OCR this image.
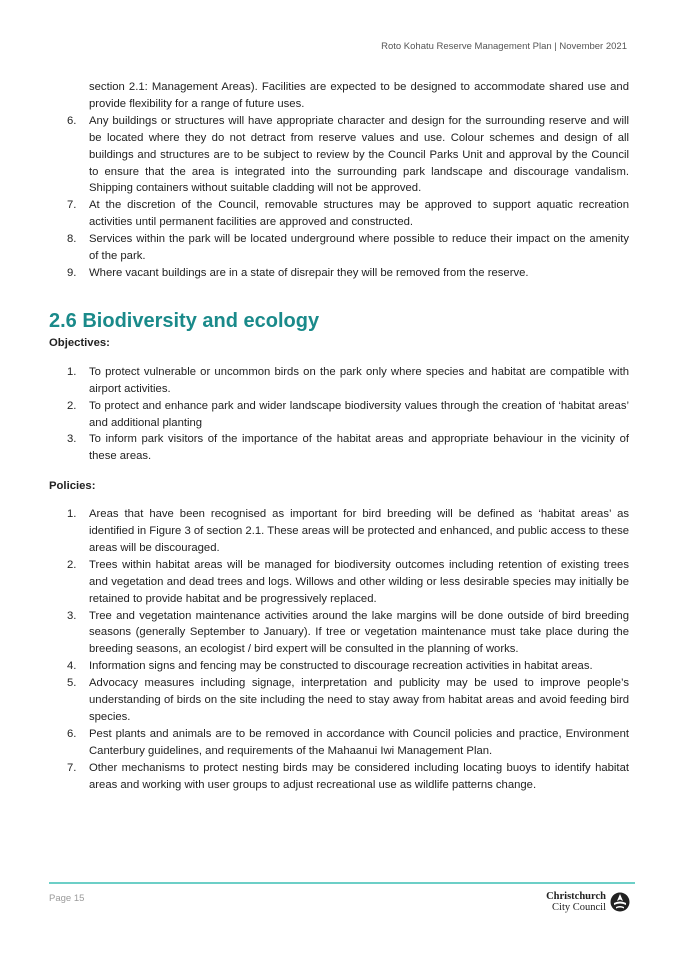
Roto Kohatu Reserve Management Plan | November 2021
section 2.1: Management Areas). Facilities are expected to be designed to accommodate shared use and provide flexibility for a range of future uses.
6.	Any buildings or structures will have appropriate character and design for the surrounding reserve and will be located where they do not detract from reserve values and use. Colour schemes and design of all buildings and structures are to be subject to review by the Council Parks Unit and approval by the Council to ensure that the area is integrated into the surrounding park landscape and discourage vandalism. Shipping containers without suitable cladding will not be approved.
7.	At the discretion of the Council, removable structures may be approved to support aquatic recreation activities until permanent facilities are approved and constructed.
8.	Services within the park will be located underground where possible to reduce their impact on the amenity of the park.
9.	Where vacant buildings are in a state of disrepair they will be removed from the reserve.
2.6 Biodiversity and ecology
Objectives:
1.	To protect vulnerable or uncommon birds on the park only where species and habitat are compatible with airport activities.
2.	To protect and enhance park and wider landscape biodiversity values through the creation of ‘habitat areas’ and additional planting
3.	To inform park visitors of the importance of the habitat areas and appropriate behaviour in the vicinity of these areas.
Policies:
1.	Areas that have been recognised as important for bird breeding will be defined as ‘habitat areas’ as identified in Figure 3 of section 2.1. These areas will be protected and enhanced, and public access to these areas will be discouraged.
2.	Trees within habitat areas will be managed for biodiversity outcomes including retention of existing trees and vegetation and dead trees and logs. Willows and other wilding or less desirable species may initially be retained to provide habitat and be progressively replaced.
3.	Tree and vegetation maintenance activities around the lake margins will be done outside of bird breeding seasons (generally September to January). If tree or vegetation maintenance must take place during the breeding seasons, an ecologist / bird expert will be consulted in the planning of works.
4.	Information signs and fencing may be constructed to discourage recreation activities in habitat areas.
5.	Advocacy measures including signage, interpretation and publicity may be used to improve people’s understanding of birds on the site including the need to stay away from habitat areas and avoid feeding bird species.
6.	Pest plants and animals are to be removed in accordance with Council policies and practice, Environment Canterbury guidelines, and requirements of the Mahaanui Iwi Management Plan.
7.	Other mechanisms to protect nesting birds may be considered including locating buoys to identify habitat areas and working with user groups to adjust recreational use as wildlife patterns change.
Page 15	Christchurch
City Council
